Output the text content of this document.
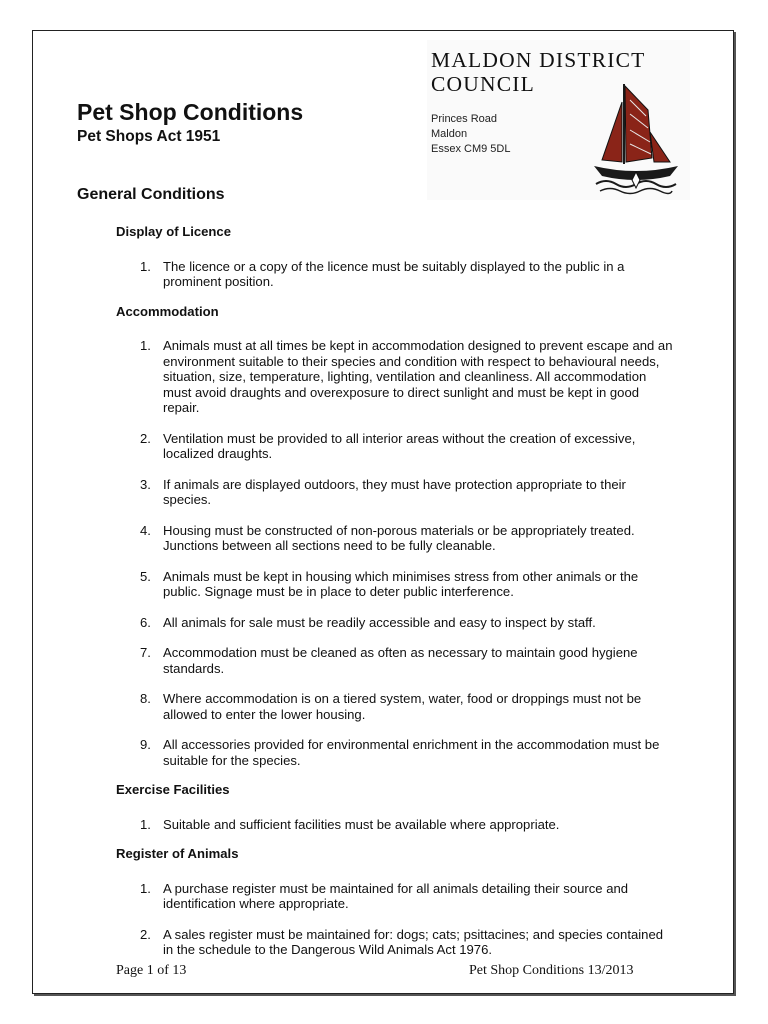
Pet Shop Conditions
Pet Shops Act 1951
MALDON DISTRICT
COUNCIL
Princes Road
Maldon
Essex CM9 5DL
General Conditions
Display of Licence
1. The licence or a copy of the licence must be suitably displayed to the public in a prominent position.
Accommodation
1. Animals must at all times be kept in accommodation designed to prevent escape and an environment suitable to their species and condition with respect to behavioural needs, situation, size, temperature, lighting, ventilation and cleanliness. All accommodation must avoid draughts and overexposure to direct sunlight and must be kept in good repair.
2. Ventilation must be provided to all interior areas without the creation of excessive, localized draughts.
3. If animals are displayed outdoors, they must have protection appropriate to their species.
4. Housing must be constructed of non-porous materials or be appropriately treated. Junctions between all sections need to be fully cleanable.
5. Animals must be kept in housing which minimises stress from other animals or the public. Signage must be in place to deter public interference.
6. All animals for sale must be readily accessible and easy to inspect by staff.
7. Accommodation must be cleaned as often as necessary to maintain good hygiene standards.
8. Where accommodation is on a tiered system, water, food or droppings must not be allowed to enter the lower housing.
9. All accessories provided for environmental enrichment in the accommodation must be suitable for the species.
Exercise Facilities
1. Suitable and sufficient facilities must be available where appropriate.
Register of Animals
1. A purchase register must be maintained for all animals detailing their source and identification where appropriate.
2. A sales register must be maintained for: dogs; cats; psittacines; and species contained in the schedule to the Dangerous Wild Animals Act 1976.
Page 1 of 13	Pet Shop Conditions 13/2013
